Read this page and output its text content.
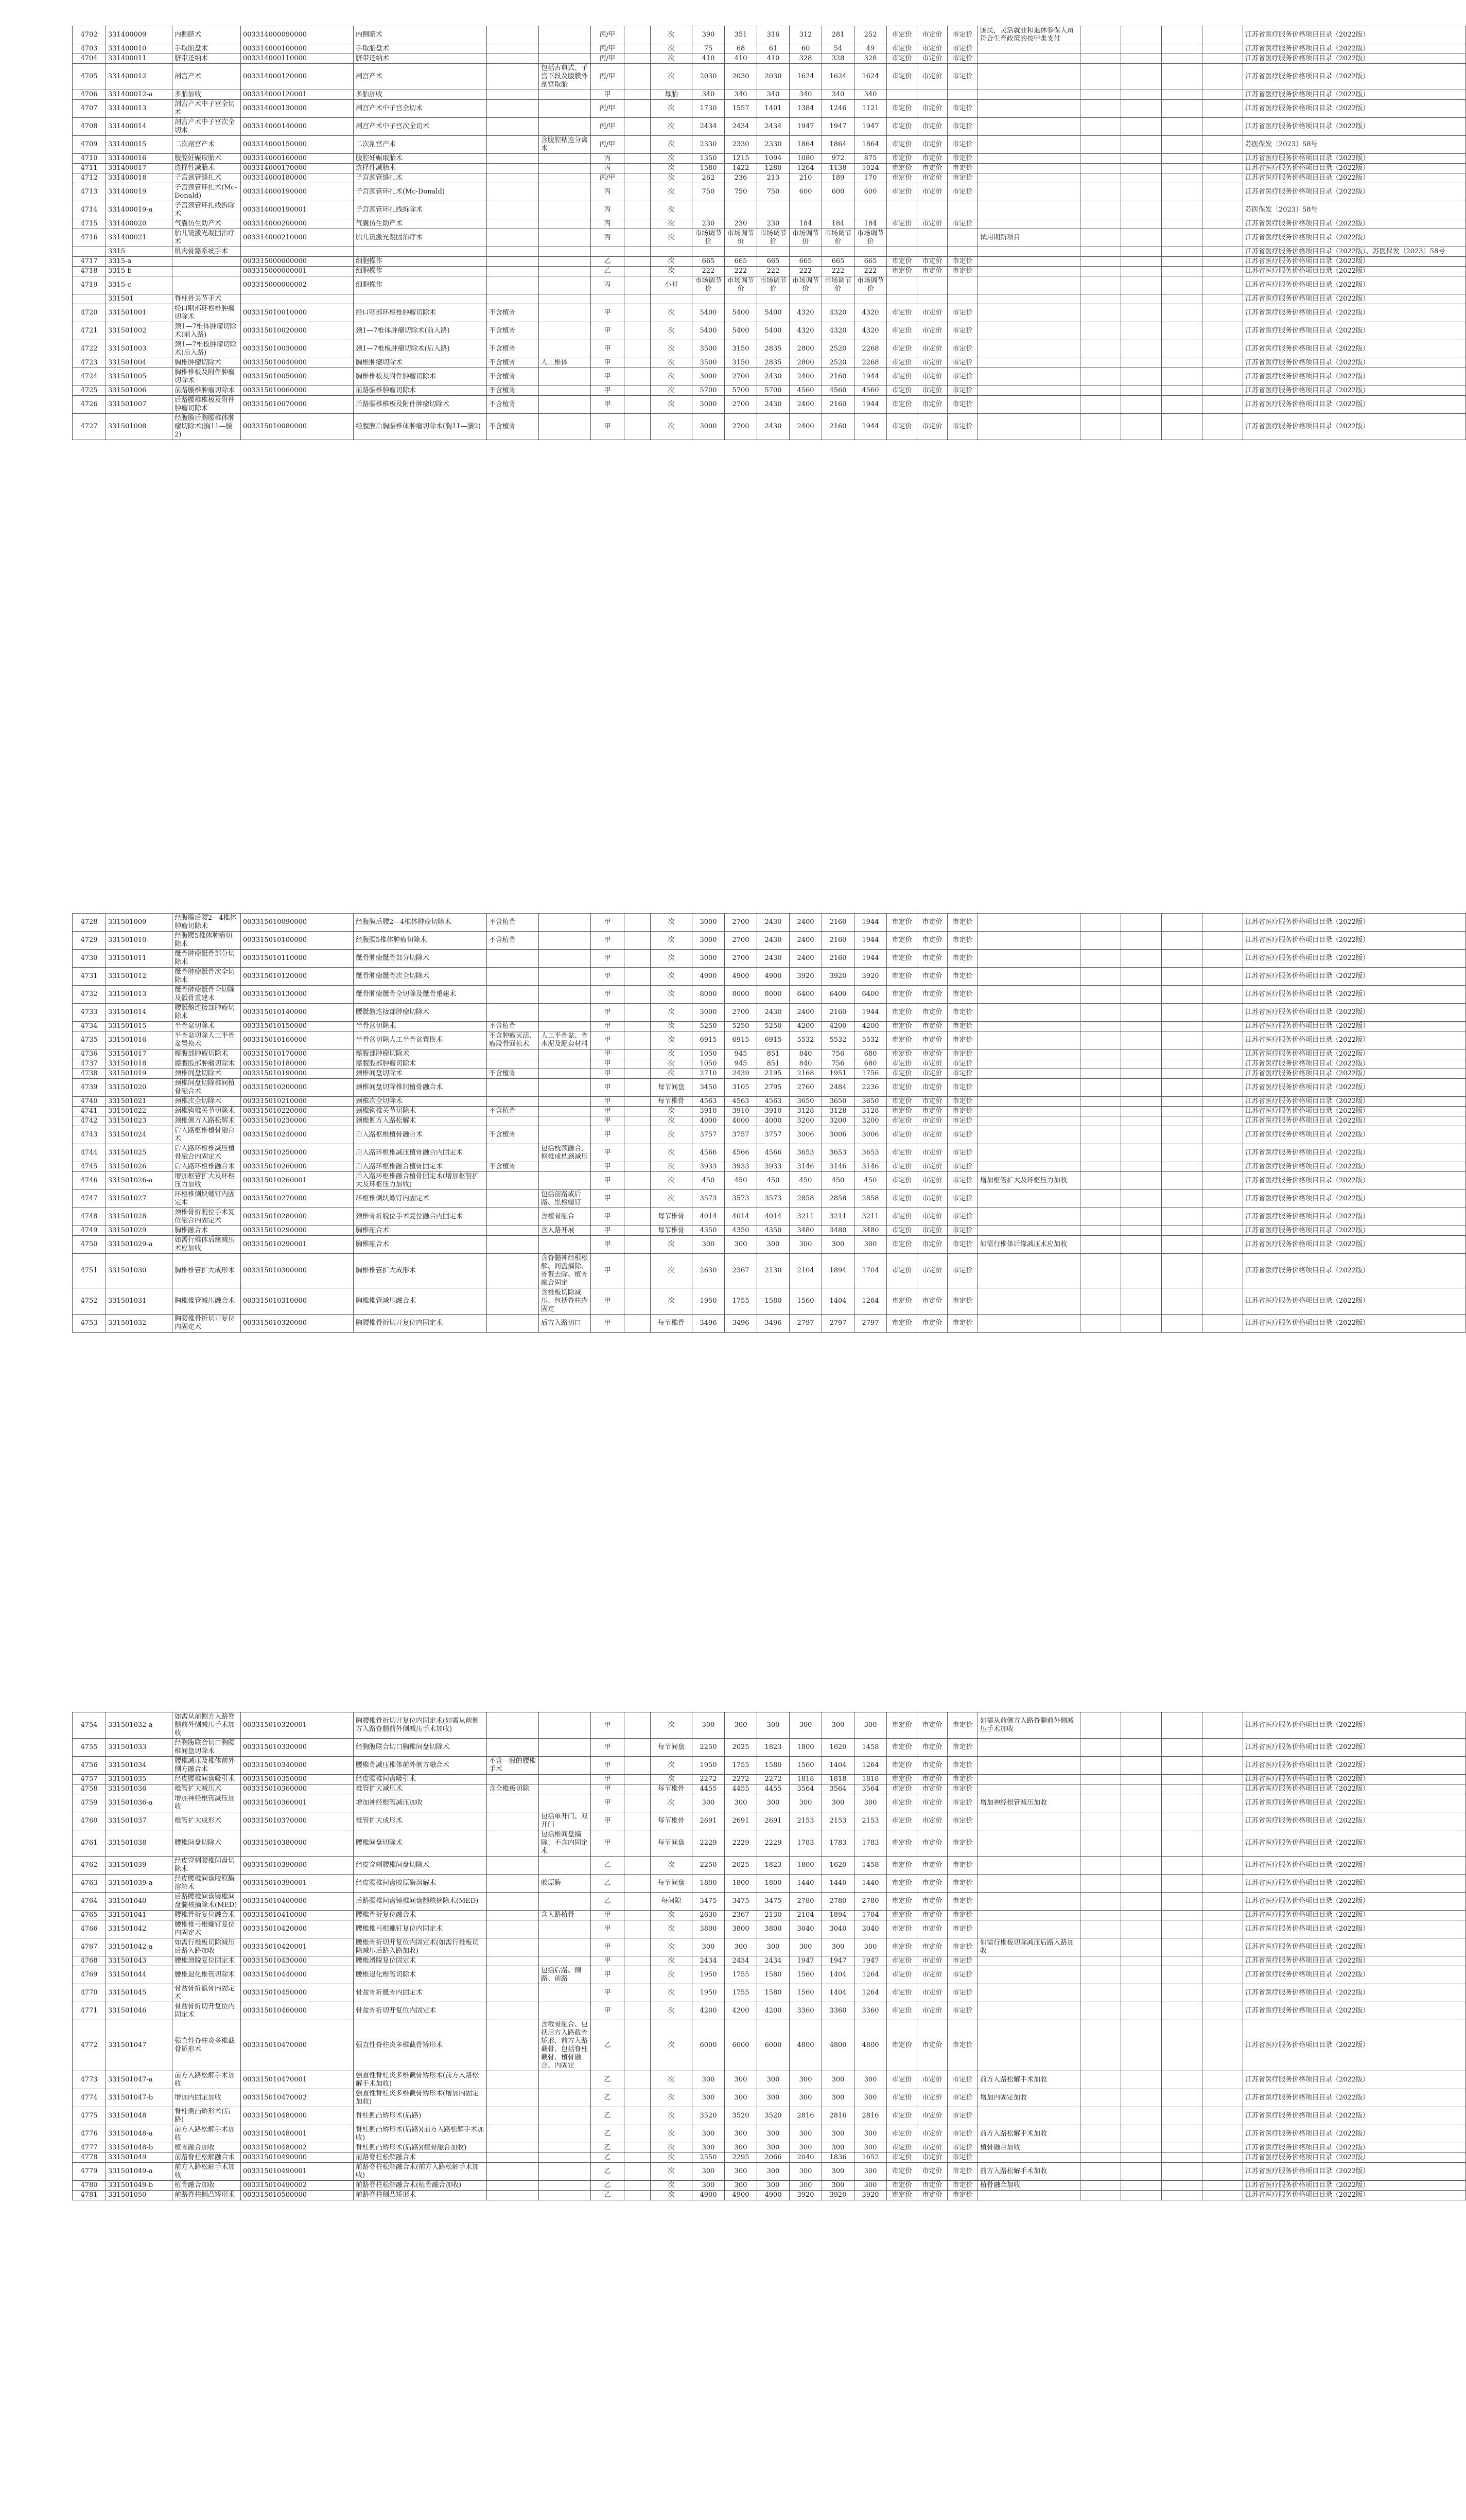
4702	331400009	内侧脐术	003314000090000	内侧脐术			丙/甲		次	390	351	316	312	281	252	市定价	市定价	市定价	国民，灵活就业和退休参保人员符合生育政策的按甲类支付					江苏省医疗服务价格项目目录（2022版）
4703	331400010	手取胎盘术	003314000100000	手取胎盘术			丙/甲		次	75	68	61	60	54	49	市定价	市定价	市定价						江苏省医疗服务价格项目目录（2022版）
4704	331400011	脐带还纳术	003314000110000	脐带还纳术			丙/甲		次	410	410	410	328	328	328	市定价	市定价	市定价						江苏省医疗服务价格项目目录（2022版）
4705	331400012	剖宫产术	003314000120000	剖宫产术		包括古典式、子宫下段及腹膜外剖宫取胎	丙/甲		次	2030	2030	2030	1624	1624	1624	市定价	市定价	市定价						江苏省医疗服务价格项目目录（2022版）
4706	331400012-a	多胎加收	003314000120001	多胎加收			甲		每胎	340	340	340	340	340	340									江苏省医疗服务价格项目目录（2022版）
4707	331400013	剖宫产术中子宫全切术	003314000130000	剖宫产术中子宫全切术			丙/甲		次	1730	1557	1401	1384	1246	1121	市定价	市定价	市定价						江苏省医疗服务价格项目目录（2022版）
4708	331400014	剖宫产术中子宫次全切术	003314000140000	剖宫产术中子宫次全切术			丙/甲		次	2434	2434	2434	1947	1947	1947	市定价	市定价	市定价						江苏省医疗服务价格项目目录（2022版）
4709	331400015	二次剖宫产术	003314000150000	二次剖宫产术		含腹腔粘连分离术	丙/甲		次	2330	2330	2330	1864	1864	1864	市定价	市定价	市定价						苏医保发〔2023〕58号
4710	331400016	腹腔妊娠取胎术	003314000160000	腹腔妊娠取胎术			丙		次	1350	1215	1094	1080	972	875	市定价	市定价	市定价						江苏省医疗服务价格项目目录（2022版）
4711	331400017	选择性减胎术	003314000170000	选择性减胎术			丙		次	1580	1422	1280	1264	1138	1024	市定价	市定价	市定价						江苏省医疗服务价格项目目录（2022版）
4712	331400018	子宫颈管缝扎术	003314000180000	子宫颈管缝扎术			丙/甲		次	262	236	213	210	189	170	市定价	市定价	市定价						江苏省医疗服务价格项目目录（2022版）
4713	331400019	子宫颈管环扎术(Mc-Donald)	003314000190000	子宫颈管环扎术(Mc-Donald)			丙		次	750	750	750	600	600	600	市定价	市定价	市定价						江苏省医疗服务价格项目目录（2022版）
4714	331400019-a	子宫颈管环扎线拆除术	003314000190001	子宫颈管环扎线拆除术			丙		次															苏医保发〔2023〕58号
4715	331400020	气囊仿生助产术	003314000200000	气囊仿生助产术			丙		次	230	230	230	184	184	184	市定价	市定价	市定价						江苏省医疗服务价格项目目录（2022版）
4716	331400021	胎儿镜激光凝固治疗术	003314000210000	胎儿镜激光凝固治疗术			丙		次	市场调节价	市场调节价	市场调节价	市场调节价	市场调节价	市场调节价				试用期新项目					江苏省医疗服务价格项目目录（2022版）
	3315	肌肉骨骼系统手术																						江苏省医疗服务价格项目目录（2022版）、苏医保发〔2023〕58号
4717	3315-a		003315000000000	细胞操作			乙		次	665	665	665	665	665	665	市定价	市定价	市定价						江苏省医疗服务价格项目目录（2022版）
4718	3315-b		003315000000001	细胞操作			乙		次	222	222	222	222	222	222	市定价	市定价	市定价						江苏省医疗服务价格项目目录（2022版）
4719	3315-c		003315000000002	细胞操作			丙		小时	市场调节价	市场调节价	市场调节价	市场调节价	市场调节价	市场调节价									江苏省医疗服务价格项目目录（2022版）
	331501	脊柱骨关节手术																						江苏省医疗服务价格项目目录（2022版）
4720	331501001	经口咽部环枢椎肿瘤切除术	003315010010000	经口咽部环枢椎肿瘤切除术	不含植骨		甲		次	5400	5400	5400	4320	4320	4320	市定价	市定价	市定价						江苏省医疗服务价格项目目录（2022版）
4721	331501002	颈1—7椎体肿瘤切除术(前入路)	003315010020000	颈1—7椎体肿瘤切除术(前入路)	不含植骨		甲		次	5400	5400	5400	4320	4320	4320	市定价	市定价	市定价						江苏省医疗服务价格项目目录（2022版）
4722	331501003	颈1—7椎板肿瘤切除术(后入路)	003315010030000	颈1—7椎板肿瘤切除术(后入路)	不含植骨		甲		次	3500	3150	2835	2800	2520	2268	市定价	市定价	市定价						江苏省医疗服务价格项目目录（2022版）
4723	331501004	胸椎肿瘤切除术	003315010040000	胸椎肿瘤切除术	不含植骨	人工椎体	甲		次	3500	3150	2835	2800	2520	2268	市定价	市定价	市定价						江苏省医疗服务价格项目目录（2022版）
4724	331501005	胸椎椎板及附件肿瘤切除术	003315010050000	胸椎椎板及附件肿瘤切除术	不含植骨		甲		次	3000	2700	2430	2400	2160	1944	市定价	市定价	市定价						江苏省医疗服务价格项目目录（2022版）
4725	331501006	前路腰椎肿瘤切除术	003315010060000	前路腰椎肿瘤切除术	不含植骨		甲		次	5700	5700	5700	4560	4560	4560	市定价	市定价	市定价						江苏省医疗服务价格项目目录（2022版）
4726	331501007	后路腰椎椎板及附件肿瘤切除术	003315010070000	后路腰椎椎板及附件肿瘤切除术	不含植骨		甲		次	3000	2700	2430	2400	2160	1944	市定价	市定价	市定价						江苏省医疗服务价格项目目录（2022版）
4727	331501008	经腹膜后胸腰椎体肿瘤切除术(胸11—腰2)	003315010080000	经腹膜后胸腰椎体肿瘤切除术(胸11—腰2)	不含植骨		甲		次	3000	2700	2430	2400	2160	1944	市定价	市定价	市定价						江苏省医疗服务价格项目目录（2022版）
4728	331501009	经腹膜后腰2—4椎体肿瘤切除术	003315010090000	经腹膜后腰2—4椎体肿瘤切除术	不含植骨		甲		次	3000	2700	2430	2400	2160	1944	市定价	市定价	市定价						江苏省医疗服务价格项目目录（2022版）
4729	331501010	经腹腰5椎体肿瘤切除术	003315010100000	经腹腰5椎体肿瘤切除术	不含植骨		甲		次	3000	2700	2430	2400	2160	1944	市定价	市定价	市定价						江苏省医疗服务价格项目目录（2022版）
4730	331501011	骶骨肿瘤骶骨部分切除术	003315010110000	骶骨肿瘤骶骨部分切除术			甲		次	3000	2700	2430	2400	2160	1944	市定价	市定价	市定价						江苏省医疗服务价格项目目录（2022版）
4731	331501012	骶骨肿瘤骶骨次全切除术	003315010120000	骶骨肿瘤骶骨次全切除术			甲		次	4900	4900	4900	3920	3920	3920	市定价	市定价	市定价						江苏省医疗服务价格项目目录（2022版）
4732	331501013	骶骨肿瘤骶骨全切除及骶骨重建术	003315010130000	骶骨肿瘤骶骨全切除及骶骨重建术			甲		次	8000	8000	8000	6400	6400	6400	市定价	市定价	市定价						江苏省医疗服务价格项目目录（2022版）
4733	331501014	腰骶髂连接部肿瘤切除术	003315010140000	腰骶髂连接部肿瘤切除术			甲		次	3000	2700	2430	2400	2160	1944	市定价	市定价	市定价						江苏省医疗服务价格项目目录（2022版）
4734	331501015	半骨盆切除术	003315010150000	半骨盆切除术	不含植骨		甲		次	5250	5250	5250	4200	4200	4200	市定价	市定价	市定价						江苏省医疗服务价格项目目录（2022版）
4735	331501016	半骨盆切除人工半骨盆置换术	003315010160000	半骨盆切除人工半骨盆置换术	不含肿瘤灭活、瘤段骨回植术	人工半骨盆、骨水泥及配套材料	甲		次	6915	6915	6915	5532	5532	5532	市定价	市定价	市定价						江苏省医疗服务价格项目目录（2022版）
4736	331501017	髂腹部肿瘤切除术	003315010170000	髂腹部肿瘤切除术			甲		次	1050	945	851	840	756	680	市定价	市定价	市定价						江苏省医疗服务价格项目目录（2022版）
4737	331501018	髂腹股部肿瘤切除术	003315010180000	髂腹股部肿瘤切除术			甲		次	1050	945	851	840	756	680	市定价	市定价	市定价						江苏省医疗服务价格项目目录（2022版）
4738	331501019	颈椎间盘切除术	003315010190000	颈椎间盘切除术	不含植骨		甲		次	2710	2439	2195	2168	1951	1756	市定价	市定价	市定价						江苏省医疗服务价格项目目录（2022版）
4739	331501020	颈椎间盘切除椎间植骨融合术	003315010200000	颈椎间盘切除椎间植骨融合术			甲		每节间盘	3450	3105	2795	2760	2484	2236	市定价	市定价	市定价						江苏省医疗服务价格项目目录（2022版）
4740	331501021	颈椎次全切除术	003315010210000	颈椎次全切除术			甲		每节椎骨	4563	4563	4563	3650	3650	3650	市定价	市定价	市定价						江苏省医疗服务价格项目目录（2022版）
4741	331501022	颈椎钩椎关节切除术	003315010220000	颈椎钩椎关节切除术	不含植骨		甲		次	3910	3910	3910	3128	3128	3128	市定价	市定价	市定价						江苏省医疗服务价格项目目录（2022版）
4742	331501023	颈椎侧方入路松解术	003315010230000	颈椎侧方入路松解术			甲		次	4000	4000	4000	3200	3200	3200	市定价	市定价	市定价						江苏省医疗服务价格项目目录（2022版）
4743	331501024	后入路枢椎植骨融合术	003315010240000	后入路枢椎植骨融合术	不含植骨		甲		次	3757	3757	3757	3006	3006	3006	市定价	市定价	市定价						江苏省医疗服务价格项目目录（2022版）
4744	331501025	后入路环枢椎减压植骨融合内固定术	003315010250000	后入路环枢椎减压植骨融合内固定术		包括枕颈融合、枢椎或枕颈减压	甲		次	4566	4566	4566	3653	3653	3653	市定价	市定价	市定价						江苏省医疗服务价格项目目录（2022版）
4745	331501026	后入路环枢椎融合术	003315010260000	后入路环枢椎融合植骨固定术	不含植骨		甲		次	3933	3933	3933	3146	3146	3146	市定价	市定价	市定价						江苏省医疗服务价格项目目录（2022版）
4746	331501026-a	增加枢管扩大及环枢压力加收	003315010260001	后入路环枢椎融合植骨固定术(增加枢管扩大及环枢压力加收)			甲		次	450	450	450	450	450	450	市定价	市定价	市定价	增加枢管扩大及环枢压力加收					江苏省医疗服务价格项目目录（2022版）
4747	331501027	环枢椎侧块螺钉内固定术	003315010270000	环枢椎侧块螺钉内固定术		包括前路或后路、黑枢螺钉	甲		次	3573	3573	3573	2858	2858	2858	市定价	市定价	市定价						江苏省医疗服务价格项目目录（2022版）
4748	331501028	颈椎骨折脱位手术复位融合内固定术	003315010280000	颈椎骨折脱位手术复位融合内固定术		含植骨融合	甲		每节椎骨	4014	4014	4014	3211	3211	3211	市定价	市定价	市定价						江苏省医疗服务价格项目目录（2022版）
4749	331501029	胸椎融合术	003315010290000	胸椎融合术		含人路开展	甲		每节椎骨	4350	4350	4350	3480	3480	3480	市定价	市定价	市定价						江苏省医疗服务价格项目目录（2022版）
4750	331501029-a	如需行椎体后缘减压术应加收	003315010290001	胸椎融合术			甲		次	300	300	300	300	300	300	市定价	市定价	市定价	如需行椎体后缘减压术应加收					江苏省医疗服务价格项目目录（2022版）
4751	331501030	胸椎椎管扩大成形术	003315010300000	胸椎椎管扩大成形术		含脊髓神经根松解、间盘摘除、骨赘去除、植骨融合固定	甲		次	2630	2367	2130	2104	1894	1704	市定价	市定价	市定价						江苏省医疗服务价格项目目录（2022版）
4752	331501031	胸椎椎管减压融合术	003315010310000	胸椎椎管减压融合术		含椎板切除减压、包括脊柱内固定	甲		次	1950	1755	1580	1560	1404	1264	市定价	市定价	市定价						江苏省医疗服务价格项目目录（2022版）
4753	331501032	胸腰椎骨折切开复位内固定术	003315010320000	胸腰椎骨折切开复位内固定术		后方入路切口	甲		每节椎骨	3496	3496	3496	2797	2797	2797	市定价	市定价	市定价						江苏省医疗服务价格项目目录（2022版）
4754	331501032-a	如需从前侧方入路脊髓前外侧减压手术加收	003315010320001	胸腰椎骨折切开复位内固定术(如需从前侧方入路脊髓前外侧减压手术加收)			甲		次	300	300	300	300	300	300	市定价	市定价	市定价	如需从前侧方入路脊髓前外侧减压手术加收					江苏省医疗服务价格项目目录（2022版）
4755	331501033	经胸腹联合切口胸腰椎间盘切除术	003315010330000	经胸腹联合切口胸椎间盘切除术			甲		每节间盘	2250	2025	1823	1800	1620	1458	市定价	市定价	市定价						江苏省医疗服务价格项目目录（2022版）
4756	331501034	腰椎减压及椎体前外侧方融合术	003315010340000	腰椎骨减压椎体前外侧方融合术	不含一般的腰椎手术		甲		次	1950	1755	1580	1560	1404	1264	市定价	市定价	市定价						江苏省医疗服务价格项目目录（2022版）
4757	331501035	经皮腰椎间盘吸引术	003315010350000	经皮腰椎间盘吸引术			甲		次	2272	2272	2272	1818	1818	1818	市定价	市定价	市定价						江苏省医疗服务价格项目目录（2022版）
4758	331501036	椎管扩大减压术	003315010360000	椎管扩大减压术	含全椎板切除		甲		每节椎骨	4455	4455	4455	3564	3564	3564	市定价	市定价	市定价						江苏省医疗服务价格项目目录（2022版）
4759	331501036-a	增加神经根管减压加收	003315010360001	增加神经根管减压加收			甲		次	300	300	300	300	300	300	市定价	市定价	市定价	增加神经根管减压加收					江苏省医疗服务价格项目目录（2022版）
4760	331501037	椎管扩大成形术	003315010370000	椎管扩大成形术		包括单开门、双开门	甲		每节椎骨	2691	2691	2691	2153	2153	2153	市定价	市定价	市定价						江苏省医疗服务价格项目目录（2022版）
4761	331501038	腰椎间盘切除术	003315010380000	腰椎间盘切除术		包括椎间盘摘除、不含内固定术	甲		每节间盘	2229	2229	2229	1783	1783	1783	市定价	市定价	市定价						江苏省医疗服务价格项目目录（2022版）
4762	331501039	经皮穿刺腰椎间盘切除术	003315010390000	经皮穿刺腰椎间盘切除术			乙		次	2250	2025	1823	1800	1620	1458	市定价	市定价	市定价						江苏省医疗服务价格项目目录（2022版）
4763	331501039-a	经皮腰椎间盘胶原酶溶解术	003315010390001	经皮腰椎间盘胶原酶溶解术		胶原酶	乙		每节间盘	1800	1800	1800	1440	1440	1440	市定价	市定价	市定价						江苏省医疗服务价格项目目录（2022版）
4764	331501040	后路腰椎间盘镜椎间盘髓核摘除术(MED)	003315010400000	后路腰椎间盘镜椎间盘髓核摘除术(MED)			乙		每间隙	3475	3475	3475	2780	2780	2780	市定价	市定价	市定价						江苏省医疗服务价格项目目录（2022版）
4765	331501041	腰椎骨折复位融合术	003315010410000	腰椎骨折复位融合术		含人路植骨	甲		次	2630	2367	2130	2104	1894	1704	市定价	市定价	市定价						江苏省医疗服务价格项目目录（2022版）
4766	331501042	腰椎椎弓根螺钉复位内固定术	003315010420000	腰椎椎弓根螺钉复位内固定术			甲		次	3800	3800	3800	3040	3040	3040	市定价	市定价	市定价						江苏省医疗服务价格项目目录（2022版）
4767	331501042-a	如需行椎板切除减压后路入路加收	003315010420001	腰椎骨折切开复位内固定术(如需行椎板切除减压后路入路加收)			甲		次	300	300	300	300	300	300	市定价	市定价	市定价	如需行椎板切除减压后路入路加收					江苏省医疗服务价格项目目录（2022版）
4768	331501043	腰椎滑脱复位固定术	003315010430000	腰椎滑脱复位固定术			甲		次	2434	2434	2434	1947	1947	1947	市定价	市定价	市定价						江苏省医疗服务价格项目目录（2022版）
4769	331501044	腰椎退化椎管切除术	003315010440000	腰椎退化椎管切除术		包括后路、侧路、前路	甲		次	1950	1755	1580	1560	1404	1264	市定价	市定价	市定价						江苏省医疗服务价格项目目录（2022版）
4770	331501045	骨盆骨折骶骨内固定术	003315010450000	骨盆骨折骶骨内固定术			甲		次	1950	1755	1580	1560	1404	1264	市定价	市定价	市定价						江苏省医疗服务价格项目目录（2022版）
4771	331501046	骨盆骨折切开复位内固定术	003315010460000	骨盆骨折切开复位内固定术			甲		次	4200	4200	4200	3360	3360	3360	市定价	市定价	市定价						江苏省医疗服务价格项目目录（2022版）
4772	331501047	强直性脊柱炎多椎截骨矫形术	003315010470000	强直性脊柱炎多椎截骨矫形术		含截骨融合、包括后方入路截骨矫形、前方入路截骨、包括脊柱截骨、植骨融合、内固定	乙		次	6000	6000	6000	4800	4800	4800	市定价	市定价	市定价						江苏省医疗服务价格项目目录（2022版）
4773	331501047-a	前方入路松解手术加收	003315010470001	强直性脊柱炎多椎截骨矫形术(前方入路松解手术加收)			乙		次	300	300	300	300	300	300	市定价	市定价	市定价	前方入路松解手术加收					江苏省医疗服务价格项目目录（2022版）
4774	331501047-b	增加内固定加收	003315010470002	强直性脊柱炎多椎截骨矫形术(增加内固定加收)			乙		次	300	300	300	300	300	300	市定价	市定价	市定价	增加内固定加收					江苏省医疗服务价格项目目录（2022版）
4775	331501048	脊柱侧凸矫形术(后路)	003315010480000	脊柱侧凸矫形术(后路)			乙		次	3520	3520	3520	2816	2816	2816	市定价	市定价	市定价						江苏省医疗服务价格项目目录（2022版）
4776	331501048-a	前方入路松解手术加收	003315010480001	脊柱侧凸矫形术(后路)(前方入路松解手术加收)			乙		次	300	300	300	300	300	300	市定价	市定价	市定价	前方入路松解手术加收					江苏省医疗服务价格项目目录（2022版）
4777	331501048-b	植骨融合加收	003315010480002	脊柱侧凸矫形术(后路)(植骨融合加收)			乙		次	300	300	300	300	300	300	市定价	市定价	市定价	植骨融合加收					江苏省医疗服务价格项目目录（2022版）
4778	331501049	前路脊柱松解融合术	003315010490000	前路脊柱松解融合术			乙		次	2550	2295	2066	2040	1836	1652	市定价	市定价	市定价						江苏省医疗服务价格项目目录（2022版）
4779	331501049-a	前方入路松解手术加收	003315010490001	前路脊柱松解融合术(前方入路松解手术加收)			乙		次	300	300	300	300	300	300	市定价	市定价	市定价	前方入路松解手术加收					江苏省医疗服务价格项目目录（2022版）
4780	331501049-b	植骨融合加收	003315010490002	前路脊柱松解融合术(植骨融合加收)			乙		次	300	300	300	300	300	300	市定价	市定价	市定价	植骨融合加收					江苏省医疗服务价格项目目录（2022版）
4781	331501050	前路脊柱侧凸矫形术	003315010500000	前路脊柱侧凸矫形术			乙		次	4900	4900	4900	3920	3920	3920	市定价	市定价	市定价						江苏省医疗服务价格项目目录（2022版）
